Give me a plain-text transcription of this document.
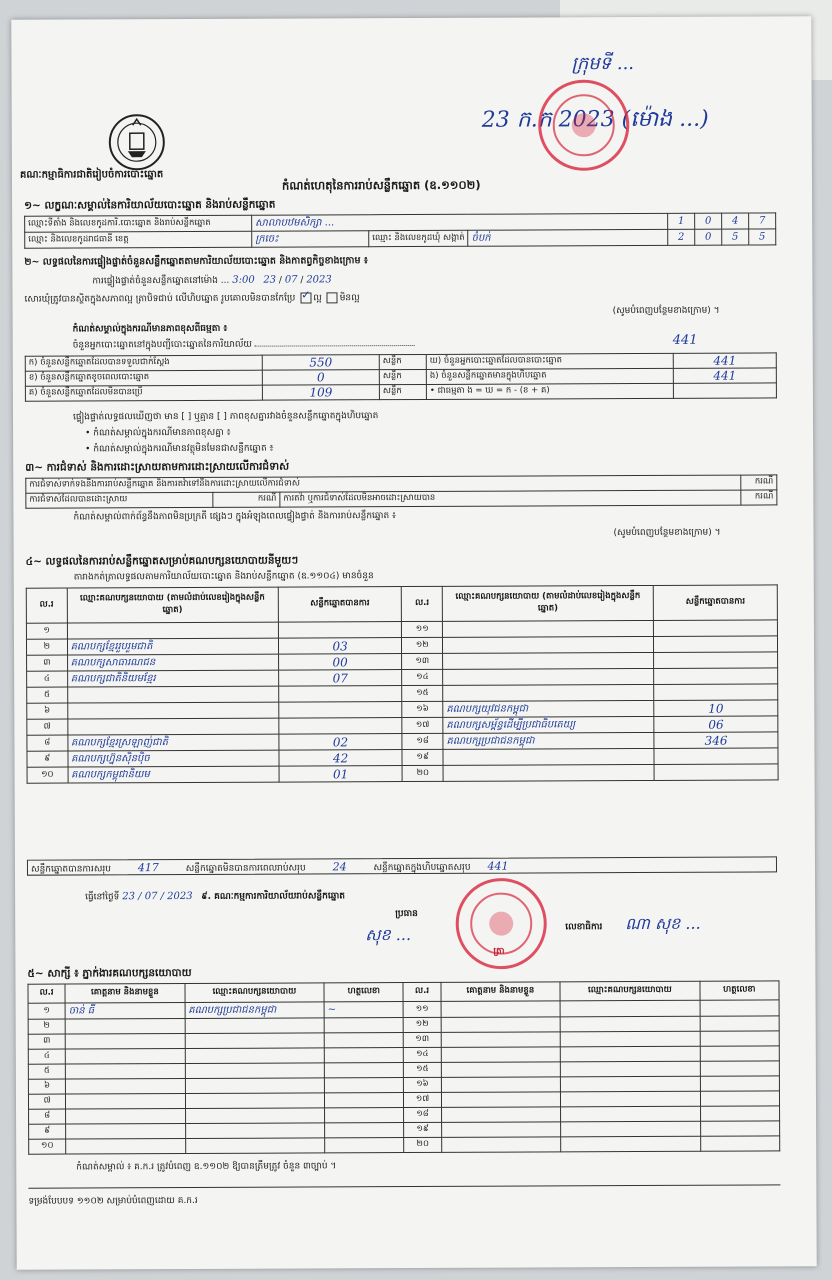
គណៈកម្មាធិការជាតិរៀបចំការបោះឆ្នោត
កំណត់ហេតុនៃការរាប់សន្លឹកឆ្នោត (ឧ.១១០២)
23 ក.ក 2023 (ម៉ោង ...)
ក្រុមទី ...
១~ លក្ខណៈសម្គាល់នៃការិយាល័យបោះឆ្នោត និងរាប់សន្លឹកឆ្នោត
ឈ្មោះទីតាំង និងលេខកូដការិ.បោះឆ្នោត និងរាប់សន្លឹកឆ្នោត	សាលាបឋមសិក្សា ...			1	0	4	7
ឈ្មោះ និងលេខកូដរាជធានី ខេត្ត	ក្រចេះ	ឈ្មោះ និងលេខកូដឃុំ សង្កាត់	ចំបក់	2	0	5	5
២~ លទ្ធផលនៃការផ្ទៀងផ្ទាត់ចំនួនសន្លឹកឆ្នោតតាមការិយាល័យបោះឆ្នោត និងកាតព្វកិច្ចខាងក្រោម ៖
ការផ្ទៀងផ្ទាត់ចំនួនសន្លឹកឆ្នោតនៅម៉ោង ... 3:00 23 / 07 / 2023
សោរឃុំត្រូវបានស្ថិតក្នុងសភាពល្អ ត្រាបិទជាប់ លើហិបឆ្នោត រូបគោលមិនបានកែប្រែ ✓ ល្អ មិនល្អ
(សូមបំពេញបន្ថែមខាងក្រោម) ។
កំណត់សម្គាល់ក្នុងករណីមានភាពខុសពីធម្មតា ៖
ចំនួនអ្នកបោះឆ្នោតនៅក្នុងបញ្ជីបោះឆ្នោតនៃការិយាល័យ	441
ក) ចំនួនសន្លឹកឆ្នោតដែលបានទទួលជាក់ស្តែង	550	សន្លឹក	ឃ) ចំនួនអ្នកបោះឆ្នោតដែលបានបោះឆ្នោត	441
ខ) ចំនួនសន្លឹកឆ្នោតខូចពេលបោះឆ្នោត	0	សន្លឹក	ង) ចំនួនសន្លឹកឆ្នោតមានក្នុងហិបឆ្នោត	441
គ) ចំនួនសន្លឹកឆ្នោតដែលមិនបានប្រើ	109	សន្លឹក	• ជាធម្មតា ង = ឃ = ក - (ខ + គ)	
ផ្ទៀងផ្ទាត់លទ្ធផលឃើញថា មាន [ ] ឬគ្មាន [ ] ភាពខុសគ្នារវាងចំនួនសន្លឹកឆ្នោតក្នុងហិបឆ្នោត
• កំណត់សម្គាល់ក្នុងករណីមានភាពខុសគ្នា ៖
• កំណត់សម្គាល់ក្នុងករណីមានវត្ថុមិនមែនជាសន្លឹកឆ្នោត ៖
៣~ ការជំទាស់ និងការដោះស្រាយតាមការដោះស្រាយលើការជំទាស់
ការជំទាស់ទាក់ទងនឹងការរាប់សន្លឹកឆ្នោត និងការតវ៉ាទៅនឹងការដោះស្រាយលើការជំទាស់			ករណី
ការជំទាស់ដែលបានដោះស្រាយ	ករណី	ការតវ៉ា ឬការជំទាស់ដែលមិនអាចដោះស្រាយបាន	ករណី
កំណត់សម្គាល់ពាក់ព័ន្ធនឹងភាពមិនប្រក្រតី ផ្សេងៗ ក្នុងអំឡុងពេលផ្ទៀងផ្ទាត់ និងការរាប់សន្លឹកឆ្នោត ៖
(សូមបំពេញបន្ថែមខាងក្រោម) ។
៤~ លទ្ធផលនៃការរាប់សន្លឹកឆ្នោតសម្រាប់គណបក្សនយោបាយនីមួយៗ
តារាងកត់ត្រាលទ្ធផលតាមការិយាល័យបោះឆ្នោត និងរាប់សន្លឹកឆ្នោត (ឧ.១១០៤) មានចំនួន
ល.រ	ឈ្មោះគណបក្សនយោបាយ (តាមលំដាប់លេខរៀងក្នុងសន្លឹកឆ្នោត)	សន្លឹកឆ្នោតបានការ	ល.រ	ឈ្មោះគណបក្សនយោបាយ (តាមលំដាប់លេខរៀងក្នុងសន្លឹកឆ្នោត)	សន្លឹកឆ្នោតបានការ
១			១១		
២	គណបក្សខ្មែររួបរួមជាតិ	03	១២		
៣	គណបក្សសាធារណជន	00	១៣		
៤	គណបក្សជាតិនិយមខ្មែរ	07	១៤		
៥			១៥		
៦			១៦	គណបក្សយុវជនកម្ពុជា	10
៧			១៧	គណបក្សសម្ព័ន្ធដើម្បីប្រជាធិបតេយ្យ	06
៨	គណបក្សខ្មែរស្រឡាញ់ជាតិ	02	១៨	គណបក្សប្រជាជនកម្ពុជា	346
៩	គណបក្សហ្វ៊ុនស៊ិនប៉ិច	42	១៩		
១០	គណបក្សកម្ពុជានិយម	01	២០		
សន្លឹកឆ្នោតបានការសរុប 417	សន្លឹកឆ្នោតមិនបានការពេលរាប់សរុប 24	សន្លឹកឆ្នោតក្នុងហិបឆ្នោតសរុប 441
ធ្វើនៅថ្ងៃទី 23 / 07 / 2023 ៩. គណៈកម្មការការិយាល័យរាប់សន្លឹកឆ្នោត
ប្រធាន
សុខ ...	លេខាធិការ ណា សុខ ...
ត្រា
៥~ សាក្សី ៖ ភ្នាក់ងារគណបក្សនយោបាយ
ល.រ	គោត្តនាម និងនាមខ្លួន	ឈ្មោះគណបក្សនយោបាយ	ហត្ថលេខា	ល.រ	គោត្តនាម និងនាមខ្លួន	ឈ្មោះគណបក្សនយោបាយ	ហត្ថលេខា
១	ចាន់ ធី	គណបក្សប្រជាជនកម្ពុជា	~	១១			
២				១២			
៣				១៣			
៤				១៤			
៥				១៥			
៦				១៦			
៧				១៧			
៨				១៨			
៩				១៩			
១០				២០			
កំណត់សម្គាល់ ៖ គ.ក.រ ត្រូវបំពេញ ឧ.១១០២ ឱ្យបានត្រឹមត្រូវ ចំនួន ៣ច្បាប់ ។
ទម្រង់បែបបទ ១១០២ សម្រាប់បំពេញដោយ គ.ក.រ
